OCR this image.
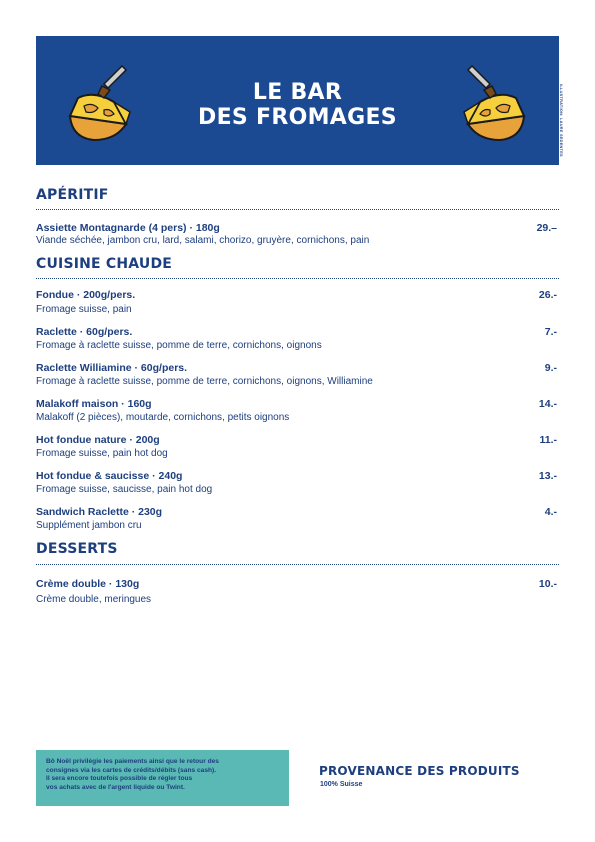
LE BAR
DES FROMAGES	ILLUSTRATION: LAURE SEDENTES
APÉRITIF
Assiette Montagnarde (4 pers) · 180g	29.–
Viande séchée, jambon cru, lard, salami, chorizo, gruyère, cornichons, pain
CUISINE CHAUDE
Fondue · 200g/pers.	26.-
Fromage suisse, pain
Raclette · 60g/pers.	7.-
Fromage à raclette suisse, pomme de terre, cornichons, oignons
Raclette Williamine · 60g/pers.	9.-
Fromage à raclette suisse, pomme de terre, cornichons, oignons, Williamine
Malakoff maison · 160g	14.-
Malakoff (2 pièces), moutarde, cornichons, petits oignons
Hot fondue nature · 200g	11.-
Fromage suisse, pain hot dog
Hot fondue & saucisse · 240g	13.-
Fromage suisse, saucisse, pain hot dog
Sandwich Raclette · 230g	4.-
Supplément jambon cru
DESSERTS
Crème double · 130g	10.-
Crème double, meringues
Bô Noël privilégie les paiements ainsi que le retour des
consignes via les cartes de crédits/débits (sans cash).
Il sera encore toutefois possible de régler tous
vos achats avec de l'argent liquide ou Twint.
PROVENANCE DES PRODUITS
100% Suisse
